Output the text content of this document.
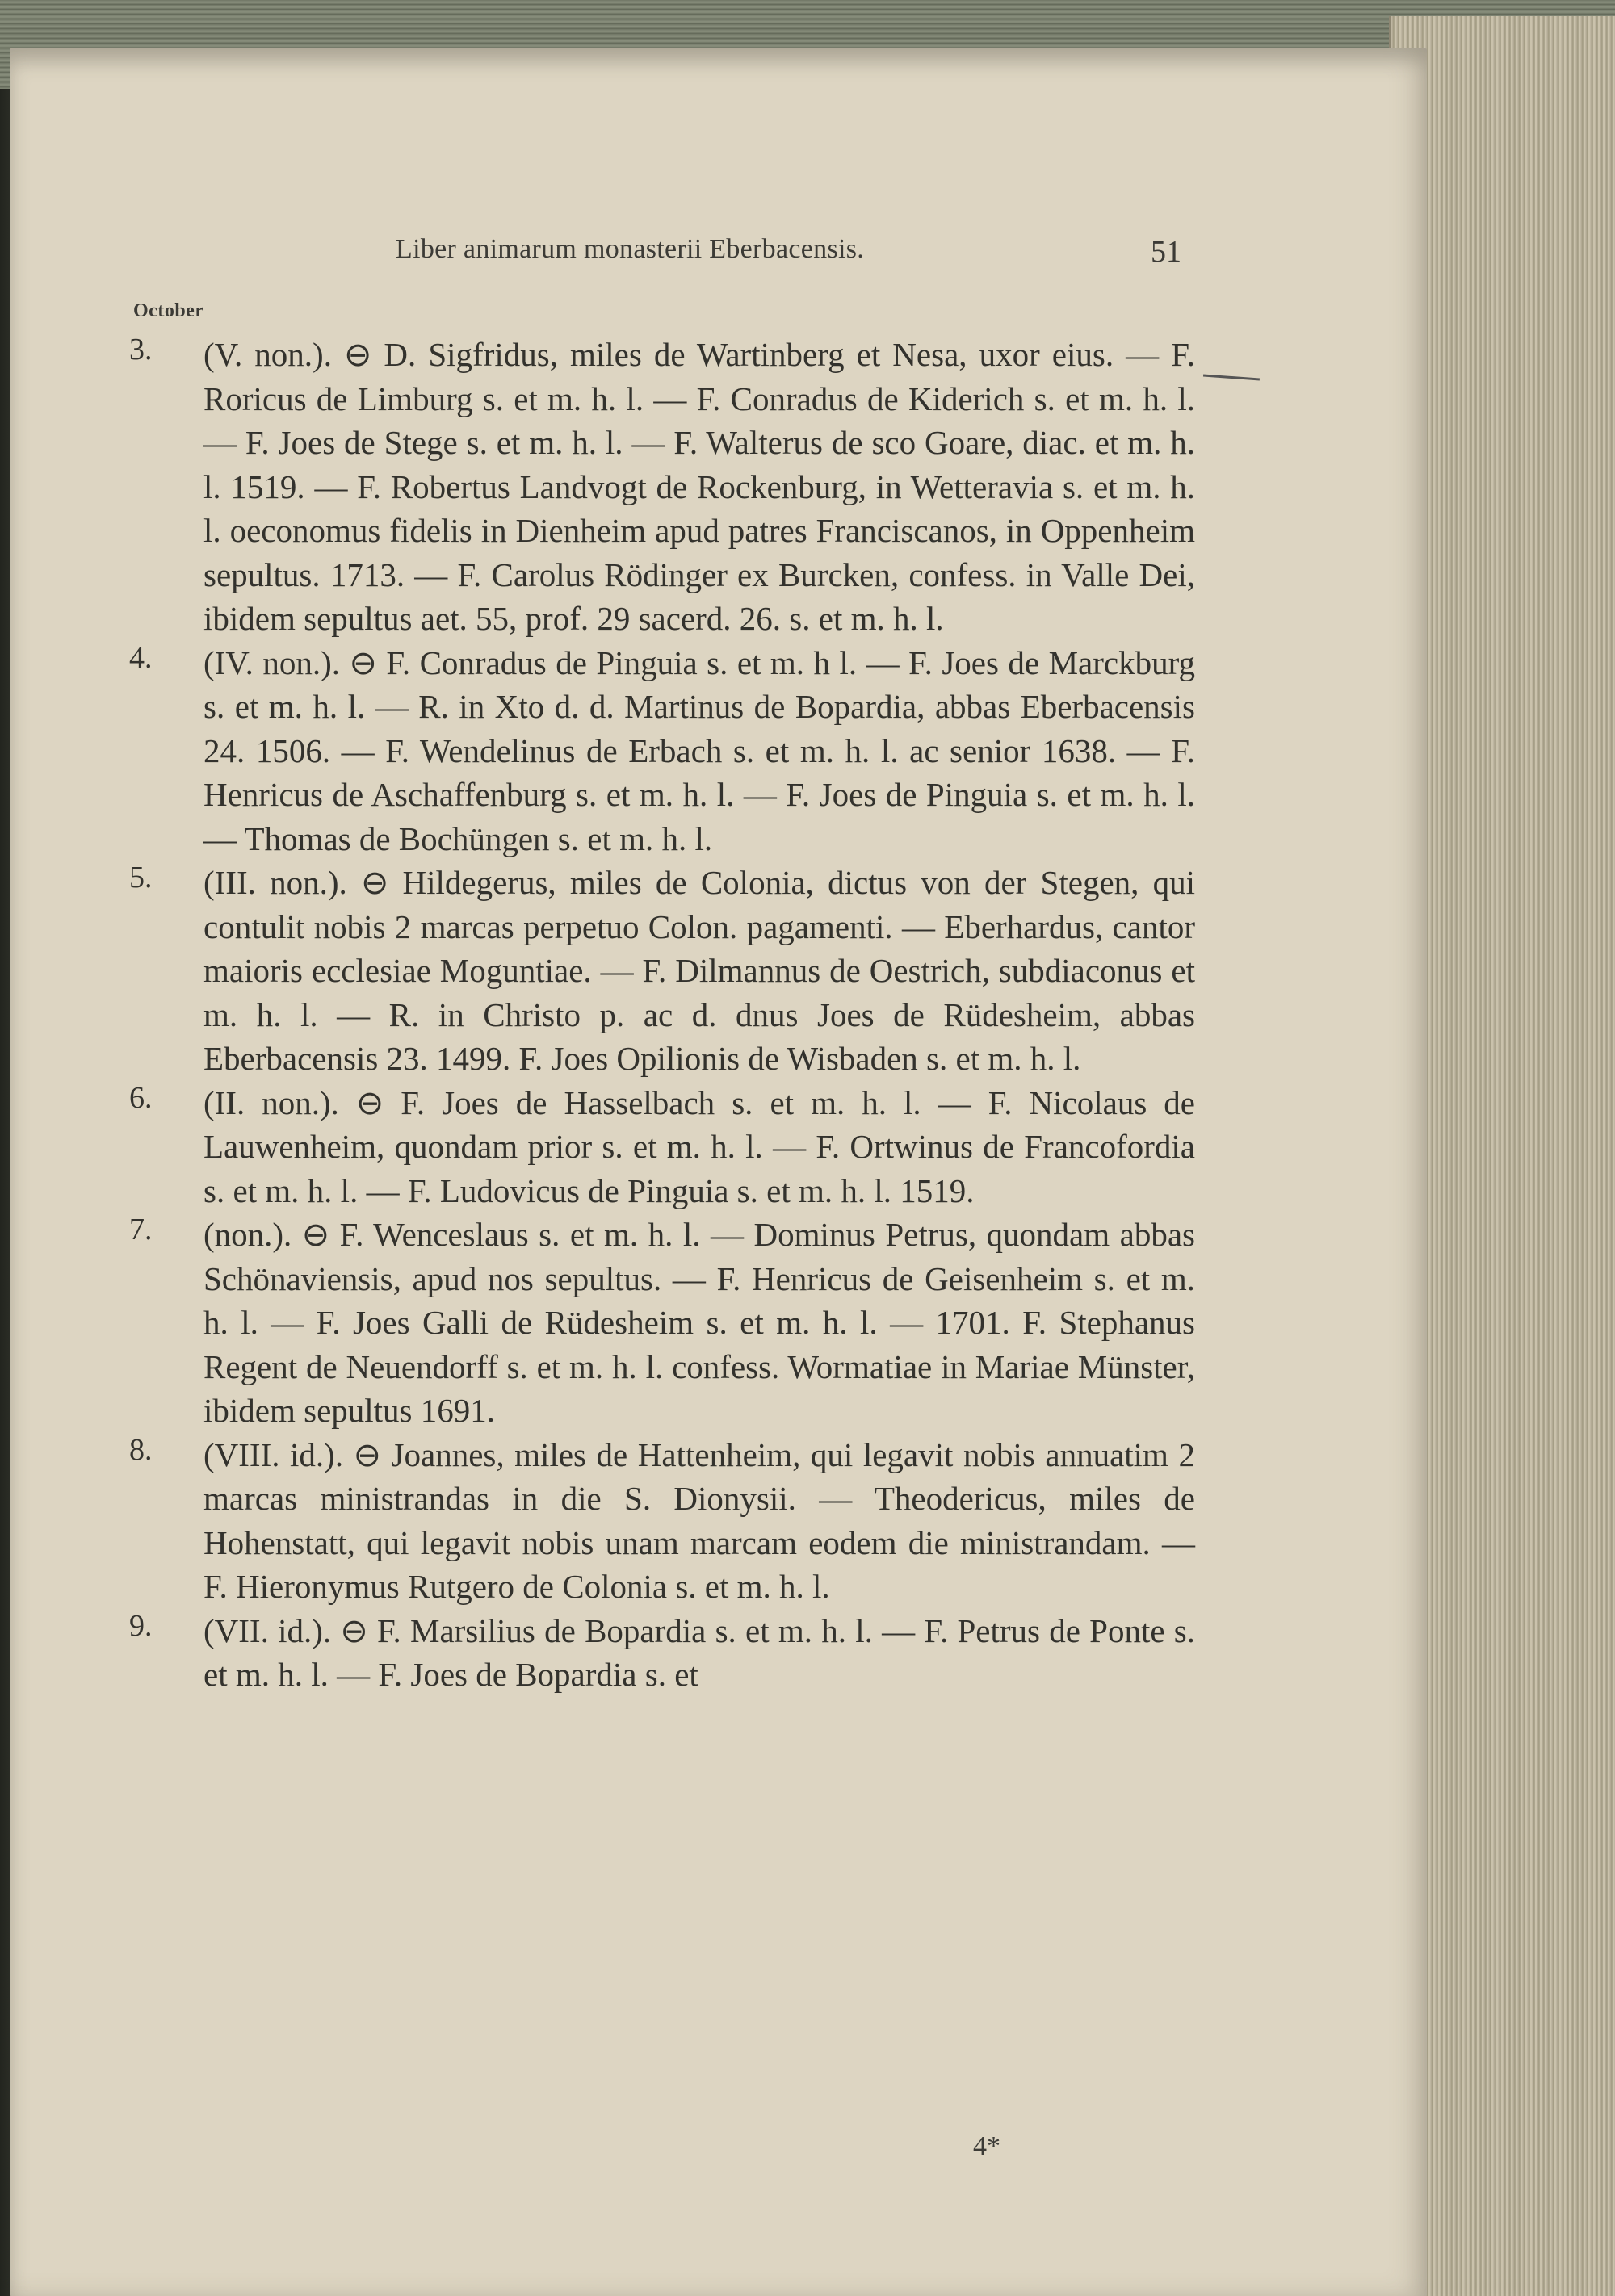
Liber animarum monasterii Eberbacensis.	51
October
3. (V. non.). ⊖ D. Sigfridus, miles de Wartinberg et Nesa, uxor eius. — F. Roricus de Limburg s. et m. h. l. — F. Conradus de Kiderich s. et m. h. l. — F. Joes de Stege s. et m. h. l. — F. Walterus de sco Goare, diac. et m. h. l. 1519. — F. Robertus Landvogt de Rockenburg, in Wetteravia s. et m. h. l. oeconomus fidelis in Dienheim apud patres Franciscanos, in Oppenheim sepultus. 1713. — F. Carolus Rödinger ex Burcken, confess. in Valle Dei, ibidem sepultus aet. 55, prof. 29 sacerd. 26. s. et m. h. l.
4. (IV. non.). ⊖ F. Conradus de Pinguia s. et m. h l. — F. Joes de Marckburg s. et m. h. l. — R. in Xto d. d. Martinus de Bopardia, abbas Eberbacensis 24. 1506. — F. Wendelinus de Erbach s. et m. h. l. ac senior 1638. — F. Henricus de Aschaffenburg s. et m. h. l. — F. Joes de Pinguia s. et m. h. l. — Thomas de Bochüngen s. et m. h. l.
5. (III. non.). ⊖ Hildegerus, miles de Colonia, dictus von der Stegen, qui contulit nobis 2 marcas perpetuo Colon. pagamenti. — Eberhardus, cantor maioris ecclesiae Moguntiae. — F. Dilmannus de Oestrich, subdiaconus et m. h. l. — R. in Christo p. ac d. dnus Joes de Rüdesheim, abbas Eberbacensis 23. 1499. F. Joes Opilionis de Wisbaden s. et m. h. l.
6. (II. non.). ⊖ F. Joes de Hasselbach s. et m. h. l. — F. Nicolaus de Lauwenheim, quondam prior s. et m. h. l. — F. Ortwinus de Francofordia s. et m. h. l. — F. Ludovicus de Pinguia s. et m. h. l. 1519.
7. (non.). ⊖ F. Wenceslaus s. et m. h. l. — Dominus Petrus, quondam abbas Schönaviensis, apud nos sepultus. — F. Henricus de Geisenheim s. et m. h. l. — F. Joes Galli de Rüdesheim s. et m. h. l. — 1701. F. Stephanus Regent de Neuendorff s. et m. h. l. confess. Wormatiae in Mariae Münster, ibidem sepultus 1691.
8. (VIII. id.). ⊖ Joannes, miles de Hattenheim, qui legavit nobis annuatim 2 marcas ministrandas in die S. Dionysii. — Theodericus, miles de Hohenstatt, qui legavit nobis unam marcam eodem die ministrandam. — F. Hieronymus Rutgero de Colonia s. et m. h. l.
9. (VII. id.). ⊖ F. Marsilius de Bopardia s. et m. h. l. — F. Petrus de Ponte s. et m. h. l. — F. Joes de Bopardia s. et
4*
